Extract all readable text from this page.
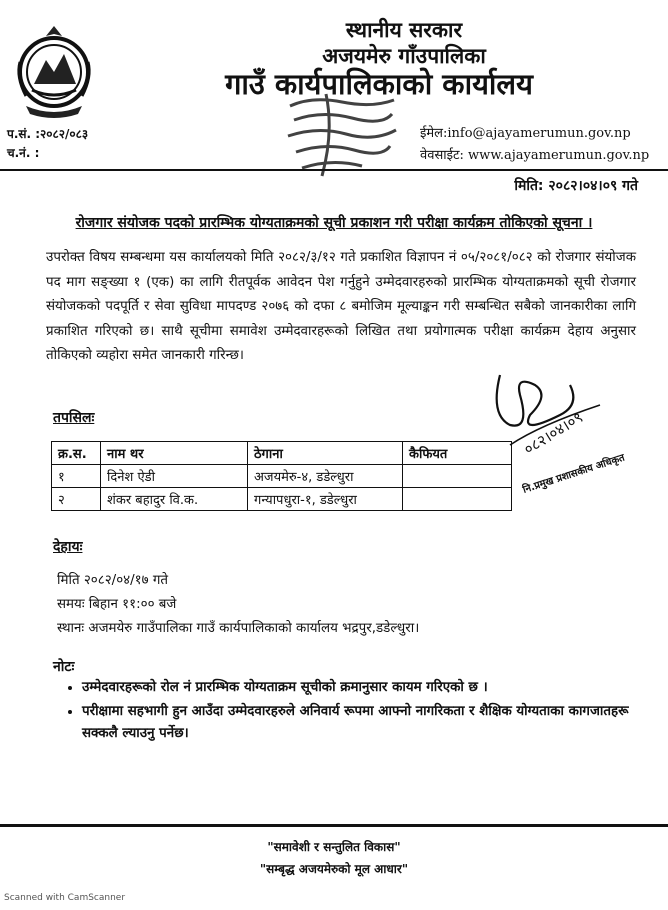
स्थानीय सरकार
अजयमेरु गाँउपालिका
गाउँ कार्यपालिकाको कार्यालय
प.सं. :२०८२/०८३
च.नं. :
ईमेल:info@ajayamerumun.gov.np
वेवसाईट: www.ajayamerumun.gov.np
मिति: २०८२।०४।०९ गते
रोजगार संयोजक पदको प्रारम्भिक योग्यताक्रमको सूची प्रकाशन गरी परीक्षा कार्यक्रम तोकिएको सूचना ।
उपरोक्त विषय सम्बन्धमा यस कार्यालयको मिति २०८२/३/१२ गते प्रकाशित विज्ञापन नं ०५/२०८१/०८२ को रोजगार संयोजक पद माग सङ्ख्या १ (एक) का लागि रीतपूर्वक आवेदन पेश गर्नुहुने उम्मेदवारहरुको प्रारम्भिक योग्यताक्रमको सूची रोजगार संयोजकको पदपूर्ति र सेवा सुविधा मापदण्ड २०७६ को दफा ८ बमोजिम मूल्याङ्कन गरी सम्बन्धित सबैको जानकारीका लागि प्रकाशित गरिएको छ। साथै सूचीमा समावेश उम्मेदवारहरूको लिखित तथा प्रयोगात्मक परीक्षा कार्यक्रम देहाय अनुसार तोकिएको व्यहोरा समेत जानकारी गरिन्छ।
तपसिलः
क्र.स.	नाम थर	ठेगाना	कैफियत
१	दिनेश ऐडी	अजयमेरु-४, डडेल्धुरा	
२	शंकर बहादुर वि.क.	गन्यापधुरा-१, डडेल्धुरा	
०८२।०४।०९
नि.प्रमुख प्रशासकीय अधिकृत
देहायः
मिति २०८२/०४/१७ गते
समयः बिहान ११:०० बजे
स्थानः अजमयेरु गाउँपालिका गाउँ कार्यपालिकाको कार्यालय भद्रपुर,डडेल्धुरा।
नोटः
• उम्मेदवारहरूको रोल नं प्रारम्भिक योग्यताक्रम सूचीको क्रमानुसार कायम गरिएको छ ।
• परीक्षामा सहभागी हुन आउँदा उम्मेदवारहरुले अनिवार्य रूपमा आफ्नो नागरिकता र शैक्षिक योग्यताका कागजातहरू सक्कलै ल्याउनु पर्नेछ।
"समावेशी र सन्तुलित विकास"
"सम्बृद्ध अजयमेरुको मूल आधार"
Scanned with CamScanner
